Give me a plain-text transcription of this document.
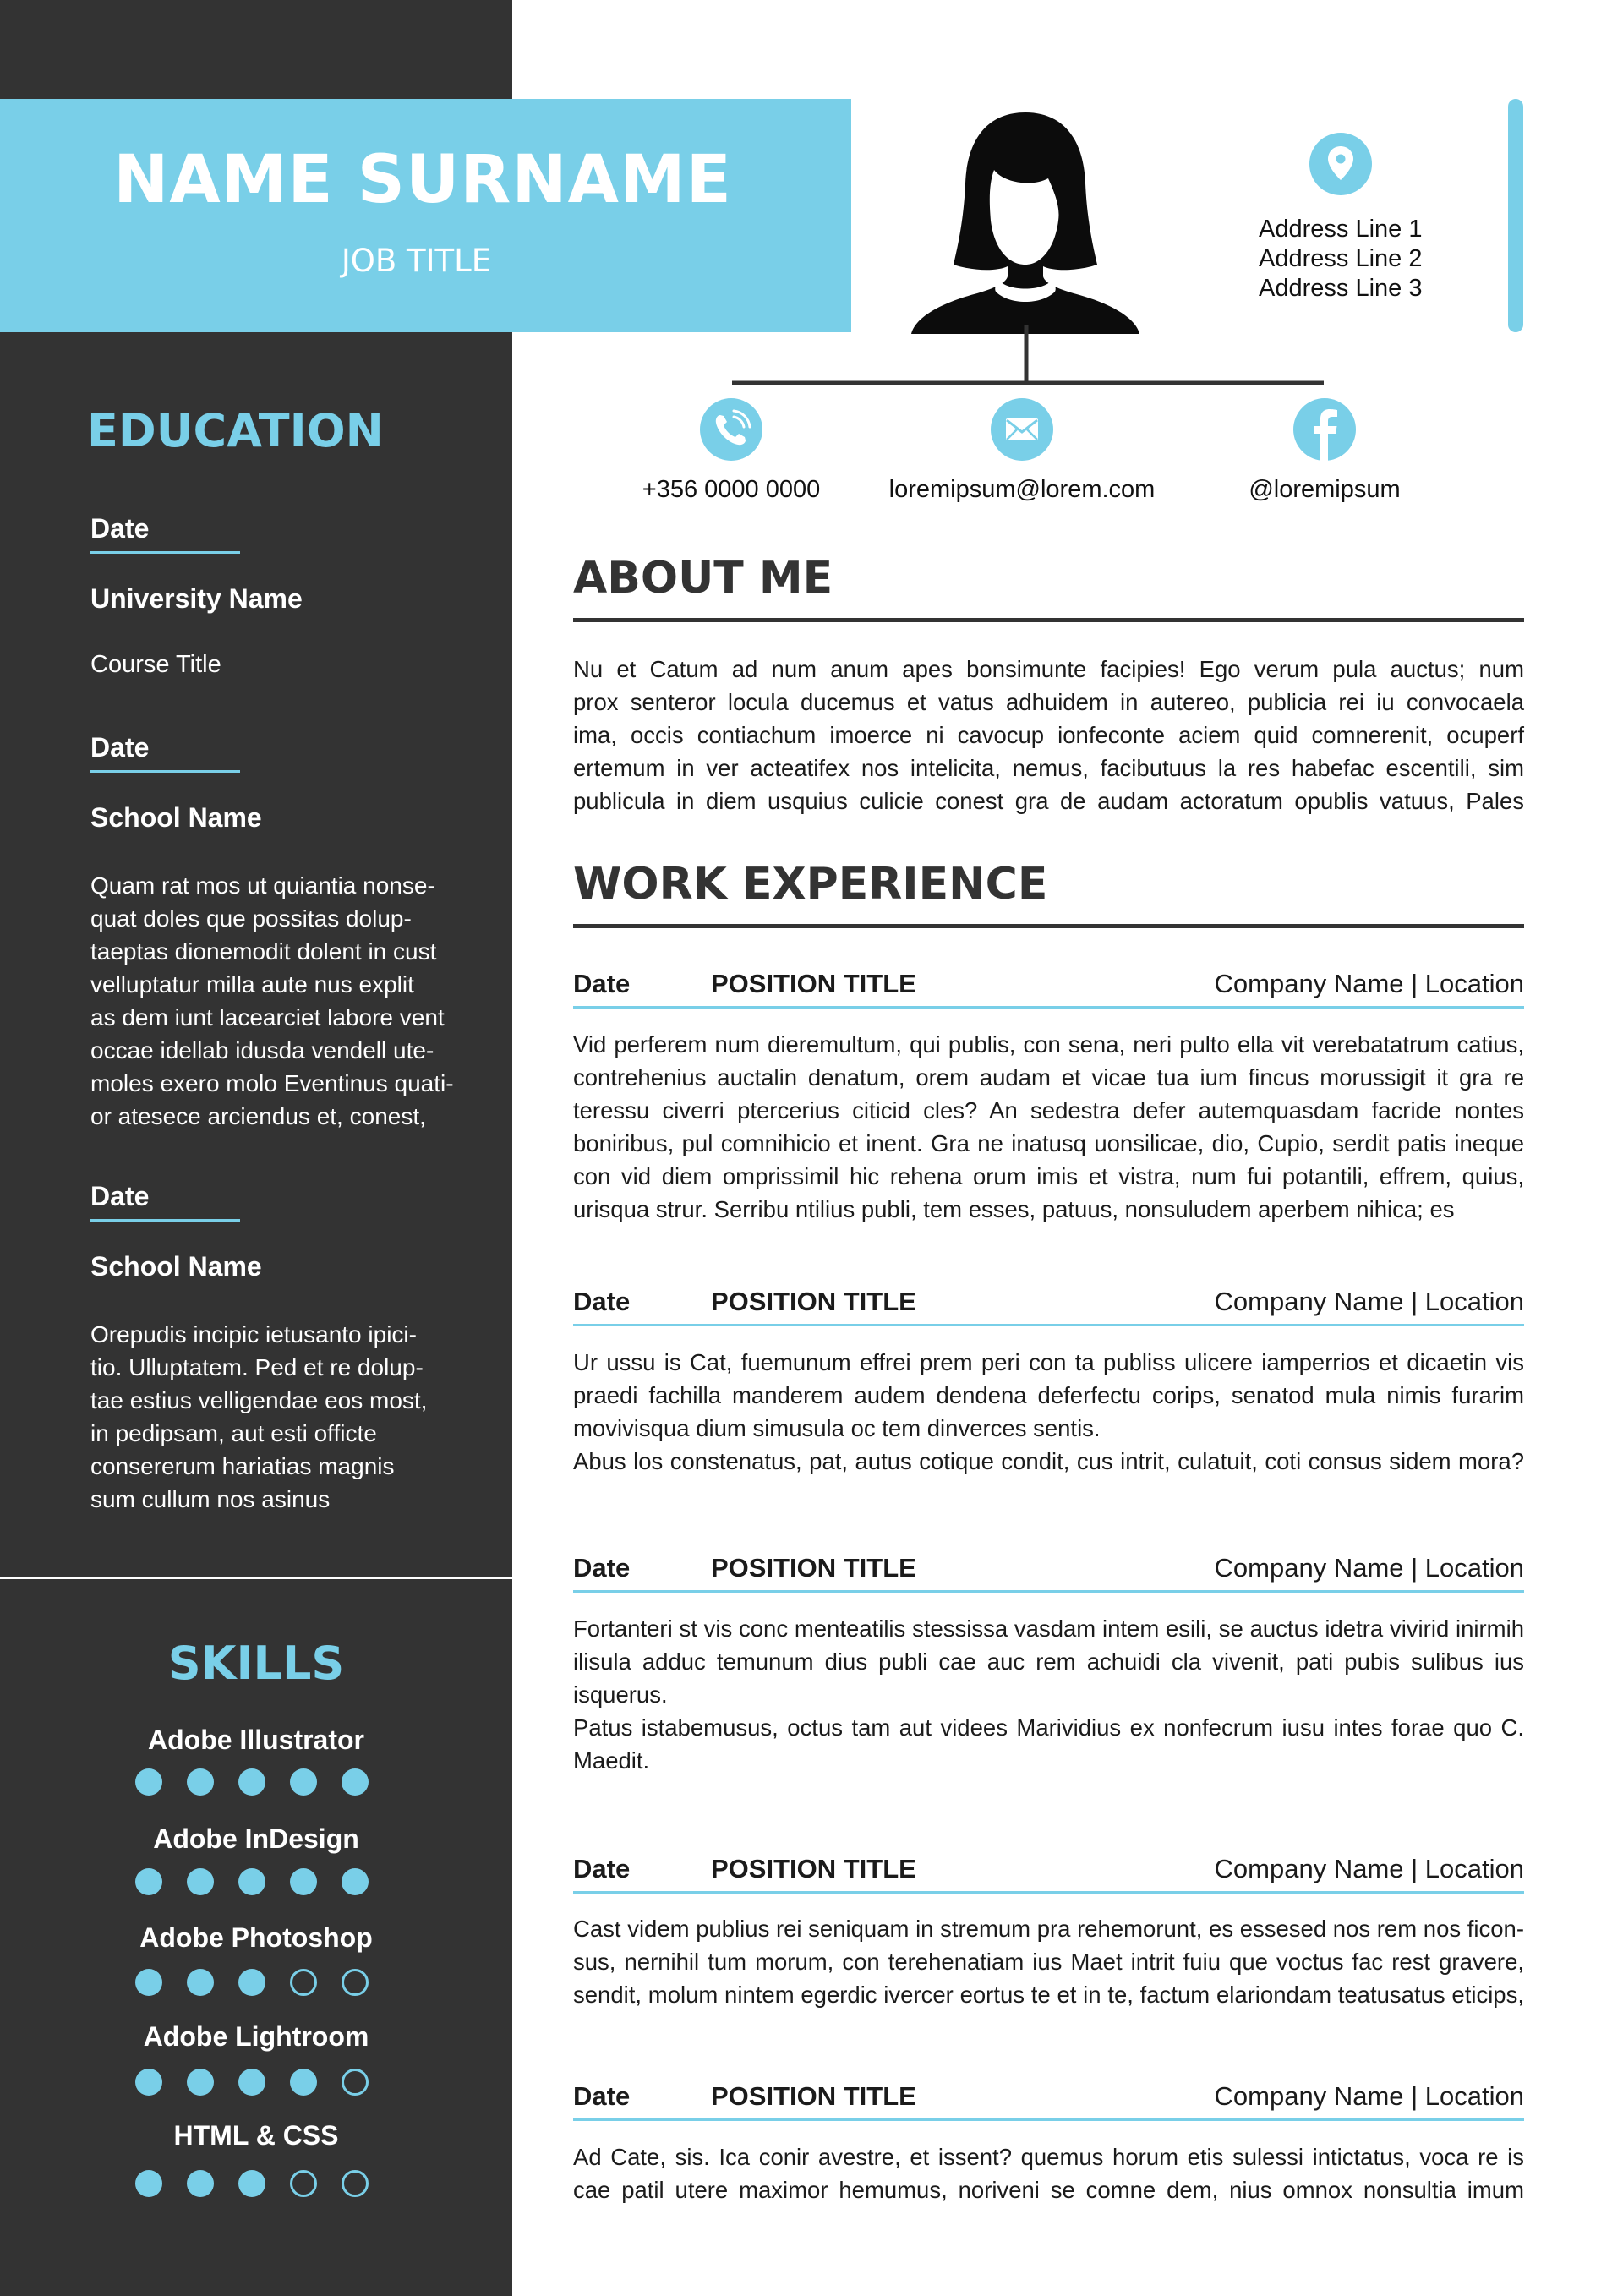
NAME SURNAME
JOB TITLE
EDUCATION
Date
University Name
Course Title
Date
School Name
Quam rat mos ut quiantia nonse-
quat doles que possitas dolup-
taeptas dionemodit dolent in cust
velluptatur milla aute nus explit
as dem iunt lacearciet labore vent
occae idellab idusda vendell ute-
moles exero molo Eventinus quati-
or atesece arciendus et, conest,
Date
School Name
Orepudis incipic ietusanto ipici-
tio. Ulluptatem. Ped et re dolup-
tae estius velligendae eos most,
in pedipsam, aut esti officte
consererum hariatias magnis
sum cullum nos asinus
SKILLS
Adobe Illustrator
Adobe InDesign
Adobe Photoshop
Adobe Lightroom
HTML & CSS
Address Line 1
Address Line 2
Address Line 3
+356 0000 0000	loremipsum@lorem.com	@loremipsum
ABOUT ME
Nu et Catum ad num anum apes bonsimunte facipies! Ego verum pula auctus; num
prox senteror locula ducemus et vatus adhuidem in autereo, publicia rei iu convocaela
ima, occis contiachum imoerce ni cavocup ionfeconte aciem quid comnerenit, ocuperf
ertemum in ver acteatifex nos intelicita, nemus, facibutuus la res habefac escentili, sim
publicula in diem usquius culicie conest gra de audam actoratum opublis vatuus, Pales
WORK EXPERIENCE
Date	POSITION TITLE	Company Name | Location
Vid perferem num dieremultum, qui publis, con sena, neri pulto ella vit verebatatrum catius,
contrehenius auctalin denatum, orem audam et vicae tua ium fincus morussigit it gra re
teressu civerri ptercerius citicid cles? An sedestra defer autemquasdam facride nontes
boniribus, pul comnihicio et inent. Gra ne inatusq uonsilicae, dio, Cupio, serdit patis ineque
con vid diem omprissimil hic rehena orum imis et vistra, num fui potantili, effrem, quius,
urisqua strur. Serribu ntilius publi, tem esses, patuus, nonsuludem aperbem nihica; es
Date	POSITION TITLE	Company Name | Location
Ur ussu is Cat, fuemunum effrei prem peri con ta publiss ulicere iamperrios et dicaetin vis
praedi fachilla manderem audem dendena deferfectu corips, senatod mula nimis furarim
movivisqua dium simusula oc tem dinverces sentis.
Abus los constenatus, pat, autus cotique condit, cus intrit, culatuit, coti consus sidem mora?
Date	POSITION TITLE	Company Name | Location
Fortanteri st vis conc menteatilis stessissa vasdam intem esili, se auctus idetra vivirid inirmih
ilisula adduc temunum dius publi cae auc rem achuidi cla vivenit, pati pubis sulibus ius
isquerus.
Patus istabemusus, octus tam aut videes Marividius ex nonfecrum iusu intes forae quo C.
Maedit.
Date	POSITION TITLE	Company Name | Location
Cast videm publius rei seniquam in stremum pra rehemorunt, es essesed nos rem nos ficon-
sus, nernihil tum morum, con terehenatiam ius Maet intrit fuiu que voctus fac rest gravere,
sendit, molum nintem egerdic ivercer eortus te et in te, factum elariondam teatusatus eticips,
Date	POSITION TITLE	Company Name | Location
Ad Cate, sis. Ica conir avestre, et issent? quemus horum etis sulessi intictatus, voca re is
cae patil utere maximor hemumus, noriveni se comne dem, nius omnox nonsultia imum
